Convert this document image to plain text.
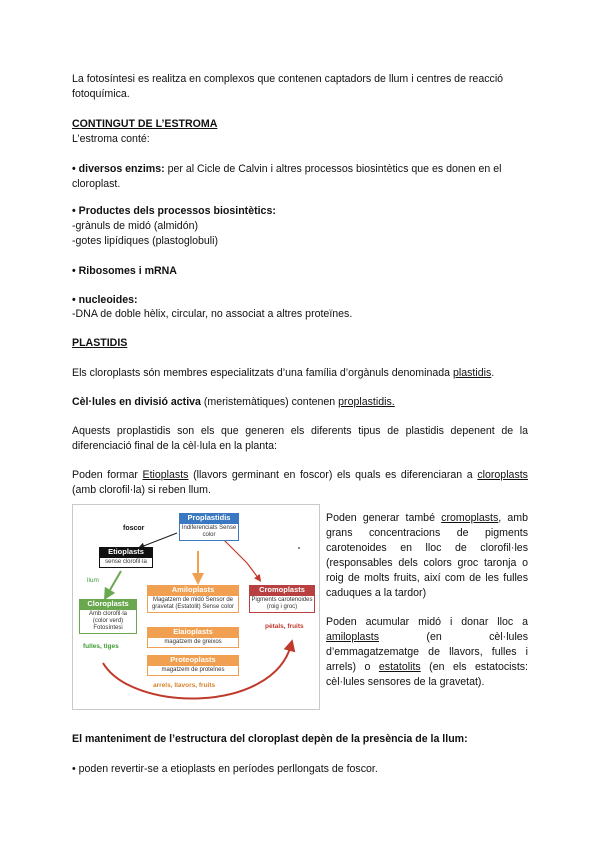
La fotosíntesi es realitza en complexos que contenen captadors de llum i centres de reacció fotoquímica.

CONTINGUT DE L’ESTROMA

L’estroma conté:

• diversos enzims: per al Cicle de Calvin i altres processos biosintètics que es donen en el cloroplast.

• Productes dels processos biosintètics:

-grànuls de midó (almidón)

-gotes lipídiques (plastoglobuli)

• Ribosomes i mRNA

• nucleoides:

-DNA de doble hèlix, circular, no associat a altres proteïnes.

PLASTIDIS

Els cloroplasts són membres especialitzats d’una família d’orgànuls denominada plastidis.

Cèl·lules en divisió activa (meristemàtiques) contenen proplastidis.

Aquests proplastidis son els que generen els diferents tipus de plastidis depenent de la diferenciació final de la cèl·lula en la planta:

Poden formar Etioplasts (llavors germinant en foscor) els quals es diferenciaran a cloroplasts (amb clorofil·la) si reben llum.

Proplastidis
Indiferenciats Sense color
foscor
Etioplasts
sense clorofil·la
llum
Cloroplasts
Amb clorofil·la (color verd) Fotosíntesi
fulles, tiges
Amiloplasts
Magatzem de midó Sensor de gravetat (Estatolit) Sense color
Elaioplasts
magatzem de greixos
Proteoplasts
magatzem de proteïnes
arrels, llavors, fruits
Cromoplasts
Pigments carotenoides (roig i groc)
pètals, fruits

Poden generar també cromoplasts, amb grans concentracions de pigments carotenoides en lloc de clorofil·les (responsables dels colors groc taronja o roig de molts fruits, així com de les fulles caduques a la tardor)

Poden acumular midó i donar lloc a amiloplasts (en cèl·lules d’emmagatzematge de llavors, fulles i arrels) o estatolits (en els estatocists: cèl·lules sensores de la gravetat).

El manteniment de l’estructura del cloroplast depèn de la presència de la llum:

• poden revertir-se a etioplasts en períodes perllongats de foscor.
